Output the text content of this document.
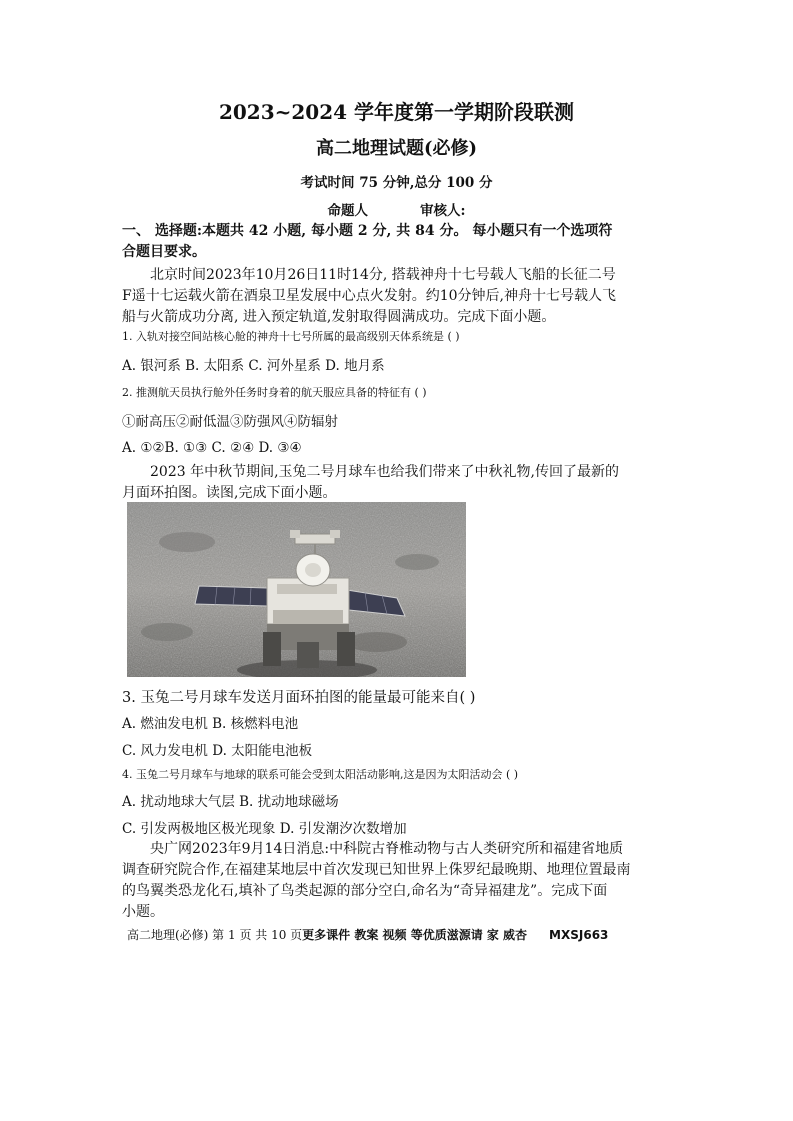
2023~2024 学年度第一学期阶段联测
高二地理试题(必修)
考试时间 75 分钟,总分 100 分
命题人	审核人:
一、 选择题:本题共 42 小题, 每小题 2 分, 共 84 分。 每小题只有一个选项符
合题目要求。
北京时间2023年10月26日11时14分, 搭载神舟十七号载人飞船的长征二号
F遥十七运载火箭在酒泉卫星发展中心点火发射。约10分钟后,神舟十七号载人飞
船与火箭成功分离, 进入预定轨道,发射取得圆满成功。完成下面小题。
1. 入轨对接空间站核心舱的神舟十七号所属的最高级别天体系统是 ( )
A. 银河系 B. 太阳系 C. 河外星系 D. 地月系
2. 推测航天员执行舱外任务时身着的航天服应具备的特征有 ( )
①耐高压②耐低温③防强风④防辐射
A. ①②B. ①③ C. ②④ D. ③④
2023 年中秋节期间,玉兔二号月球车也给我们带来了中秋礼物,传回了最新的
月面环拍图。读图,完成下面小题。
3. 玉兔二号月球车发送月面环拍图的能量最可能来自( )
A. 燃油发电机 B. 核燃料电池
C. 风力发电机 D. 太阳能电池板
4. 玉兔二号月球车与地球的联系可能会受到太阳活动影响,这是因为太阳活动会 ( )
A. 扰动地球大气层 B. 扰动地球磁场
C. 引发两极地区极光现象 D. 引发潮汐次数增加
央广网2023年9月14日消息:中科院古脊椎动物与古人类研究所和福建省地质
调查研究院合作,在福建某地层中首次发现已知世界上侏罗纪最晚期、地理位置最南
的鸟翼类恐龙化石,填补了鸟类起源的部分空白,命名为“奇异福建龙”。完成下面
小题。
高二地理(必修) 第 1 页 共 10 页更多课件 教案 视频 等优质滋源请 家 威杏 MXSJ663
